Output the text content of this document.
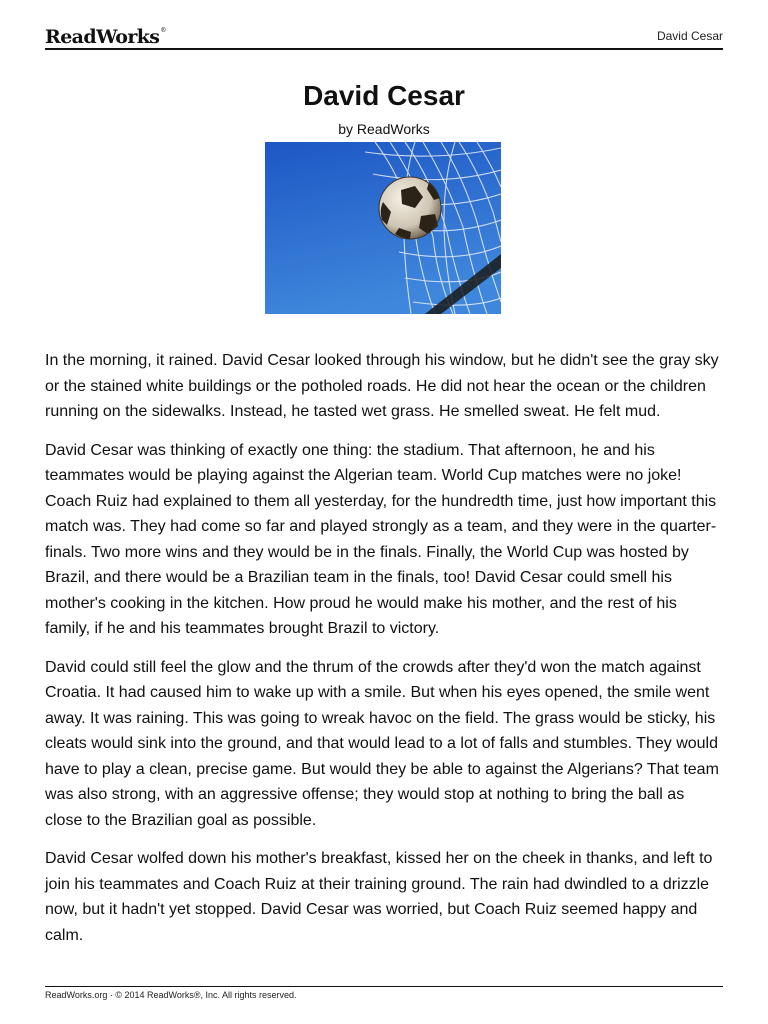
ReadWorks®	David Cesar
David Cesar
by ReadWorks

In the morning, it rained. David Cesar looked through his window, but he didn't see the gray sky or the stained white buildings or the potholed roads. He did not hear the ocean or the children running on the sidewalks. Instead, he tasted wet grass. He smelled sweat. He felt mud.

David Cesar was thinking of exactly one thing: the stadium. That afternoon, he and his teammates would be playing against the Algerian team. World Cup matches were no joke! Coach Ruiz had explained to them all yesterday, for the hundredth time, just how important this match was. They had come so far and played strongly as a team, and they were in the quarter-finals. Two more wins and they would be in the finals. Finally, the World Cup was hosted by Brazil, and there would be a Brazilian team in the finals, too! David Cesar could smell his mother's cooking in the kitchen. How proud he would make his mother, and the rest of his family, if he and his teammates brought Brazil to victory.

David could still feel the glow and the thrum of the crowds after they'd won the match against Croatia. It had caused him to wake up with a smile. But when his eyes opened, the smile went away. It was raining. This was going to wreak havoc on the field. The grass would be sticky, his cleats would sink into the ground, and that would lead to a lot of falls and stumbles. They would have to play a clean, precise game. But would they be able to against the Algerians? That team was also strong, with an aggressive offense; they would stop at nothing to bring the ball as close to the Brazilian goal as possible.

David Cesar wolfed down his mother's breakfast, kissed her on the cheek in thanks, and left to join his teammates and Coach Ruiz at their training ground. The rain had dwindled to a drizzle now, but it hadn't yet stopped. David Cesar was worried, but Coach Ruiz seemed happy and calm.

ReadWorks.org · © 2014 ReadWorks®, Inc. All rights reserved.
